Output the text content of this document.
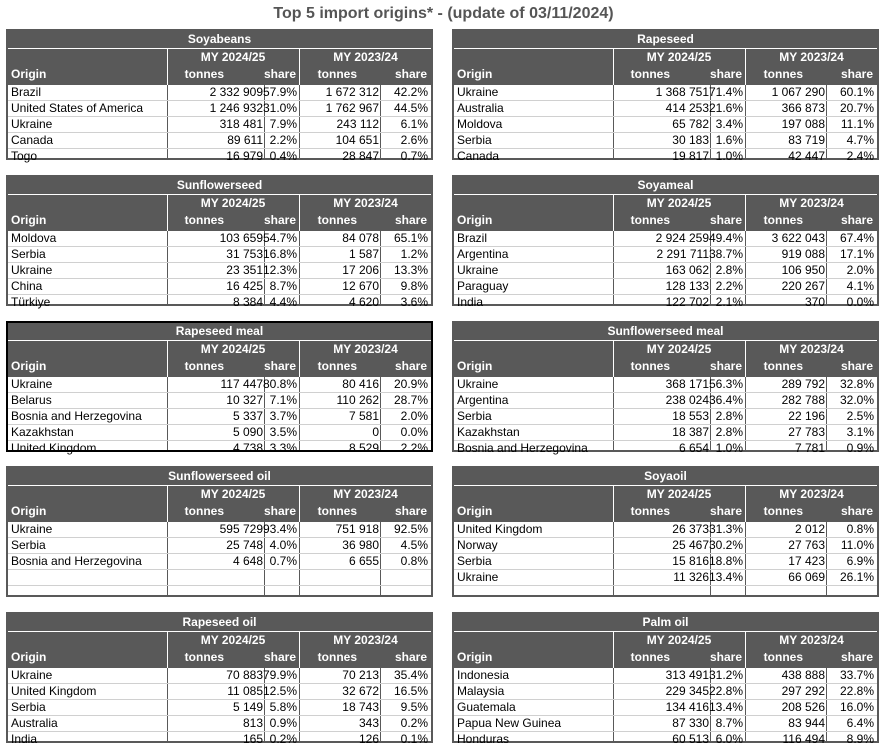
Top 5 import origins* - (update of 03/11/2024)
Soyabeans
MY 2024/25	MY 2023/24
Origin	tonnes	share tonnes	share
Brazil	2 332 909 57.9% 1 672 312 42.2%
United States of America	1 246 932 31.0% 1 762 967 44.5%
Ukraine	318 481 7.9%	243 112 6.1%
Canada	89 611 2.2%	104 651 2.6%
Togo	16 979 0.4%	28 847 0.7%
Rapeseed
MY 2024/25	MY 2023/24
Origin	tonnes	share tonnes	share
Ukraine	1 368 751 71.4% 1 067 290 60.1%
Australia	414 253 21.6%	366 873 20.7%
Moldova	65 782 3.4%	197 088 11.1%
Serbia	30 183 1.6%	83 719 4.7%
Canada	19 817 1.0%	42 447 2.4%
Sunflowerseed
MY 2024/25	MY 2023/24
Origin	tonnes	share tonnes	share
Moldova	103 659 54.7%	84 078 65.1%
Serbia	31 753 16.8%	1 587 1.2%
Ukraine	23 351 12.3%	17 206 13.3%
China	16 425 8.7%	12 670 9.8%
Türkiye	8 384 4.4%	4 620 3.6%
Soyameal
MY 2024/25	MY 2023/24
Origin	tonnes	share tonnes	share
Brazil	2 924 259 49.4% 3 622 043 67.4%
Argentina	2 291 711 38.7%	919 088 17.1%
Ukraine	163 062 2.8%	106 950 2.0%
Paraguay	128 133 2.2%	220 267 4.1%
India	122 702 2.1%	370 0.0%
Rapeseed meal
MY 2024/25	MY 2023/24
Origin	tonnes	share tonnes	share
Ukraine	117 447 80.8%	80 416 20.9%
Belarus	10 327 7.1%	110 262 28.7%
Bosnia and Herzegovina	5 337 3.7%	7 581 2.0%
Kazakhstan	5 090 3.5%	0 0.0%
United Kingdom	4 738 3.3%	8 529 2.2%
Sunflowerseed meal
MY 2024/25	MY 2023/24
Origin	tonnes	share tonnes	share
Ukraine	368 171 56.3%	289 792 32.8%
Argentina	238 024 36.4%	282 788 32.0%
Serbia	18 553 2.8%	22 196 2.5%
Kazakhstan	18 387 2.8%	27 783 3.1%
Bosnia and Herzegovina	6 654 1.0%	7 781 0.9%
Sunflowerseed oil
MY 2024/25	MY 2023/24
Origin	tonnes	share tonnes	share
Ukraine	595 729 93.4%	751 918 92.5%
Serbia	25 748 4.0%	36 980 4.5%
Bosnia and Herzegovina	4 648 0.7%	6 655 0.8%
Soyaoil
MY 2024/25	MY 2023/24
Origin	tonnes	share tonnes	share
United Kingdom	26 373 31.3%	2 012 0.8%
Norway	25 467 30.2%	27 763 11.0%
Serbia	15 816 18.8%	17 423 6.9%
Ukraine	11 326 13.4%	66 069 26.1%
Rapeseed oil
MY 2024/25	MY 2023/24
Origin	tonnes	share tonnes	share
Ukraine	70 883 79.9%	70 213 35.4%
United Kingdom	11 085 12.5%	32 672 16.5%
Serbia	5 149 5.8%	18 743 9.5%
Australia	813 0.9%	343 0.2%
India	165 0.2%	126 0.1%
Palm oil
MY 2024/25	MY 2023/24
Origin	tonnes	share tonnes	share
Indonesia	313 491 31.2%	438 888 33.7%
Malaysia	229 345 22.8%	297 292 22.8%
Guatemala	134 416 13.4%	208 526 16.0%
Papua New Guinea	87 330 8.7%	83 944 6.4%
Honduras	60 513 6.0%	116 494 8.9%
